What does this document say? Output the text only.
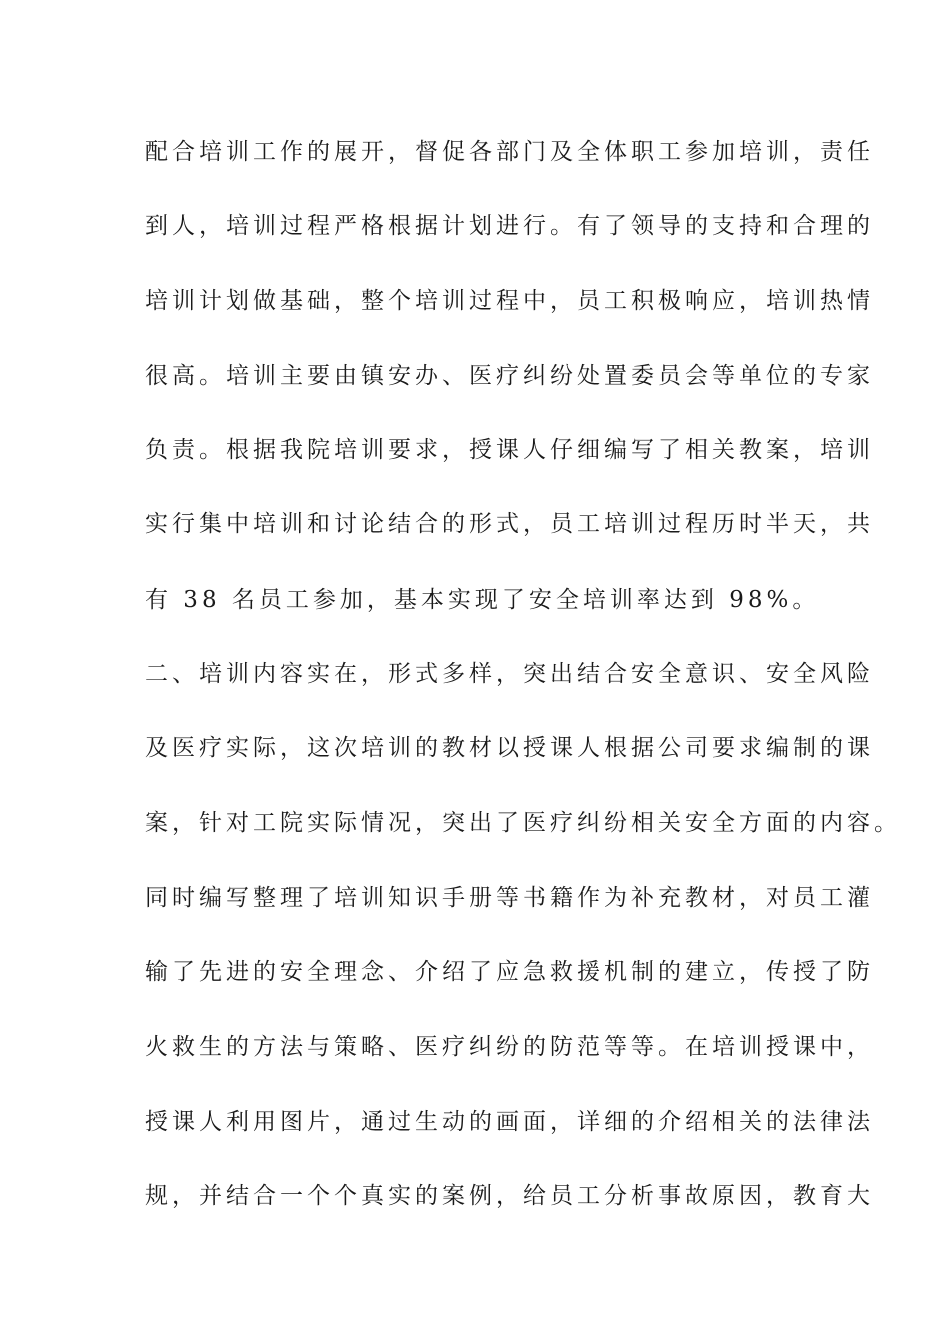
配合培训工作的展开，督促各部门及全体职工参加培训，责任
到人，培训过程严格根据计划进行。有了领导的支持和合理的
培训计划做基础，整个培训过程中，员工积极响应，培训热情
很高。培训主要由镇安办、医疗纠纷处置委员会等单位的专家
负责。根据我院培训要求，授课人仔细编写了相关教案，培训
实行集中培训和讨论结合的形式，员工培训过程历时半天，共
有 38 名员工参加，基本实现了安全培训率达到 98%。
二、培训内容实在，形式多样，突出结合安全意识、安全风险
及医疗实际，这次培训的教材以授课人根据公司要求编制的课
案，针对工院实际情况，突出了医疗纠纷相关安全方面的内容。
同时编写整理了培训知识手册等书籍作为补充教材，对员工灌
输了先进的安全理念、介绍了应急救援机制的建立，传授了防
火救生的方法与策略、医疗纠纷的防范等等。在培训授课中，
授课人利用图片，通过生动的画面，详细的介绍相关的法律法
规，并结合一个个真实的案例，给员工分析事故原因，教育大
